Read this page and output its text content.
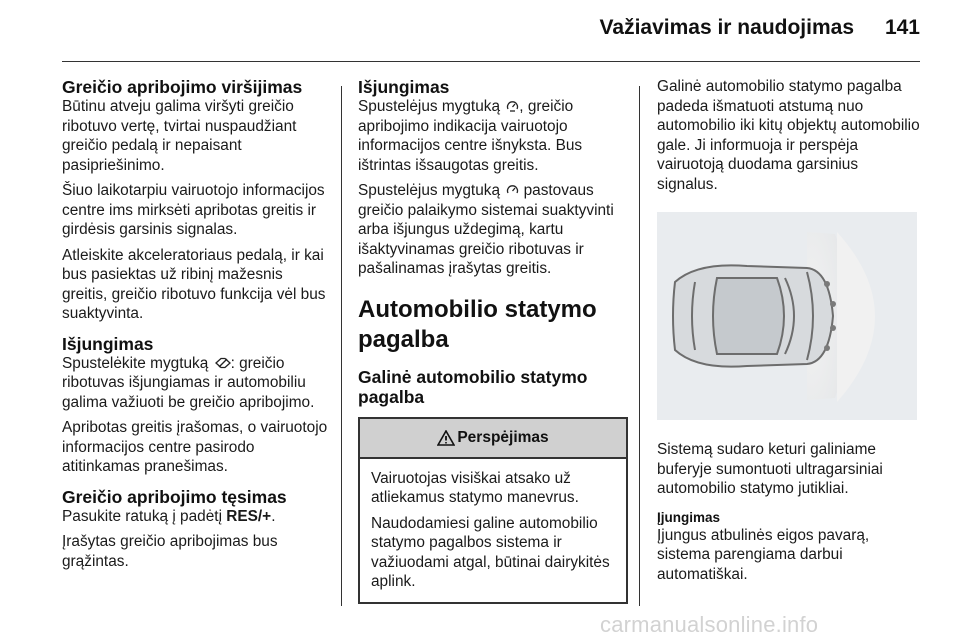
Važiavimas ir naudojimas 141
Greičio apribojimo viršijimas

Būtinu atveju galima viršyti greičio ribotuvo vertę, tvirtai nuspaudžiant greičio pedalą ir nepaisant pasipriešinimo.

Šiuo laikotarpiu vairuotojo informacijos centre ims mirksėti apribotas greitis ir girdėsis garsinis signalas.

Atleiskite akceleratoriaus pedalą, ir kai bus pasiektas už ribinį mažesnis greitis, greičio ribotuvo funkcija vėl bus suaktyvinta.

Išjungimas

Spustelėkite mygtuką : greičio ribotuvas išjungiamas ir automobiliu galima važiuoti be greičio apribojimo.

Apribotas greitis įrašomas, o vairuotojo informacijos centre pasirodo atitinkamas pranešimas.

Greičio apribojimo tęsimas

Pasukite ratuką į padėtį RES/+.

Įrašytas greičio apribojimas bus grąžintas.

Išjungimas

Spustelėjus mygtuką , greičio apribojimo indikacija vairuotojo informacijos centre išnyksta. Bus ištrintas išsaugotas greitis.

Spustelėjus mygtuką  pastovaus greičio palaikymo sistemai suaktyvinti arba išjungus uždegimą, kartu išaktyvinamas greičio ribotuvas ir pašalinamas įrašytas greitis.

Automobilio statymo pagalba
Galinė automobilio statymo pagalba
Perspėjimas

Vairuotojas visiškai atsako už atliekamus statymo manevrus.

Naudodamiesi galine automobilio statymo pagalbos sistema ir važiuodami atgal, būtinai dairykitės aplink.

Galinė automobilio statymo pagalba padeda išmatuoti atstumą nuo automobilio iki kitų objektų automobilio gale. Ji informuoja ir perspėja vairuotoją duodama garsinius signalus.

Sistemą sudaro keturi galiniame buferyje sumontuoti ultragarsiniai automobilio statymo jutikliai.

Įjungimas

Įjungus atbulinės eigos pavarą, sistema parengiama darbui automatiškai.

carmanualsonline.info
